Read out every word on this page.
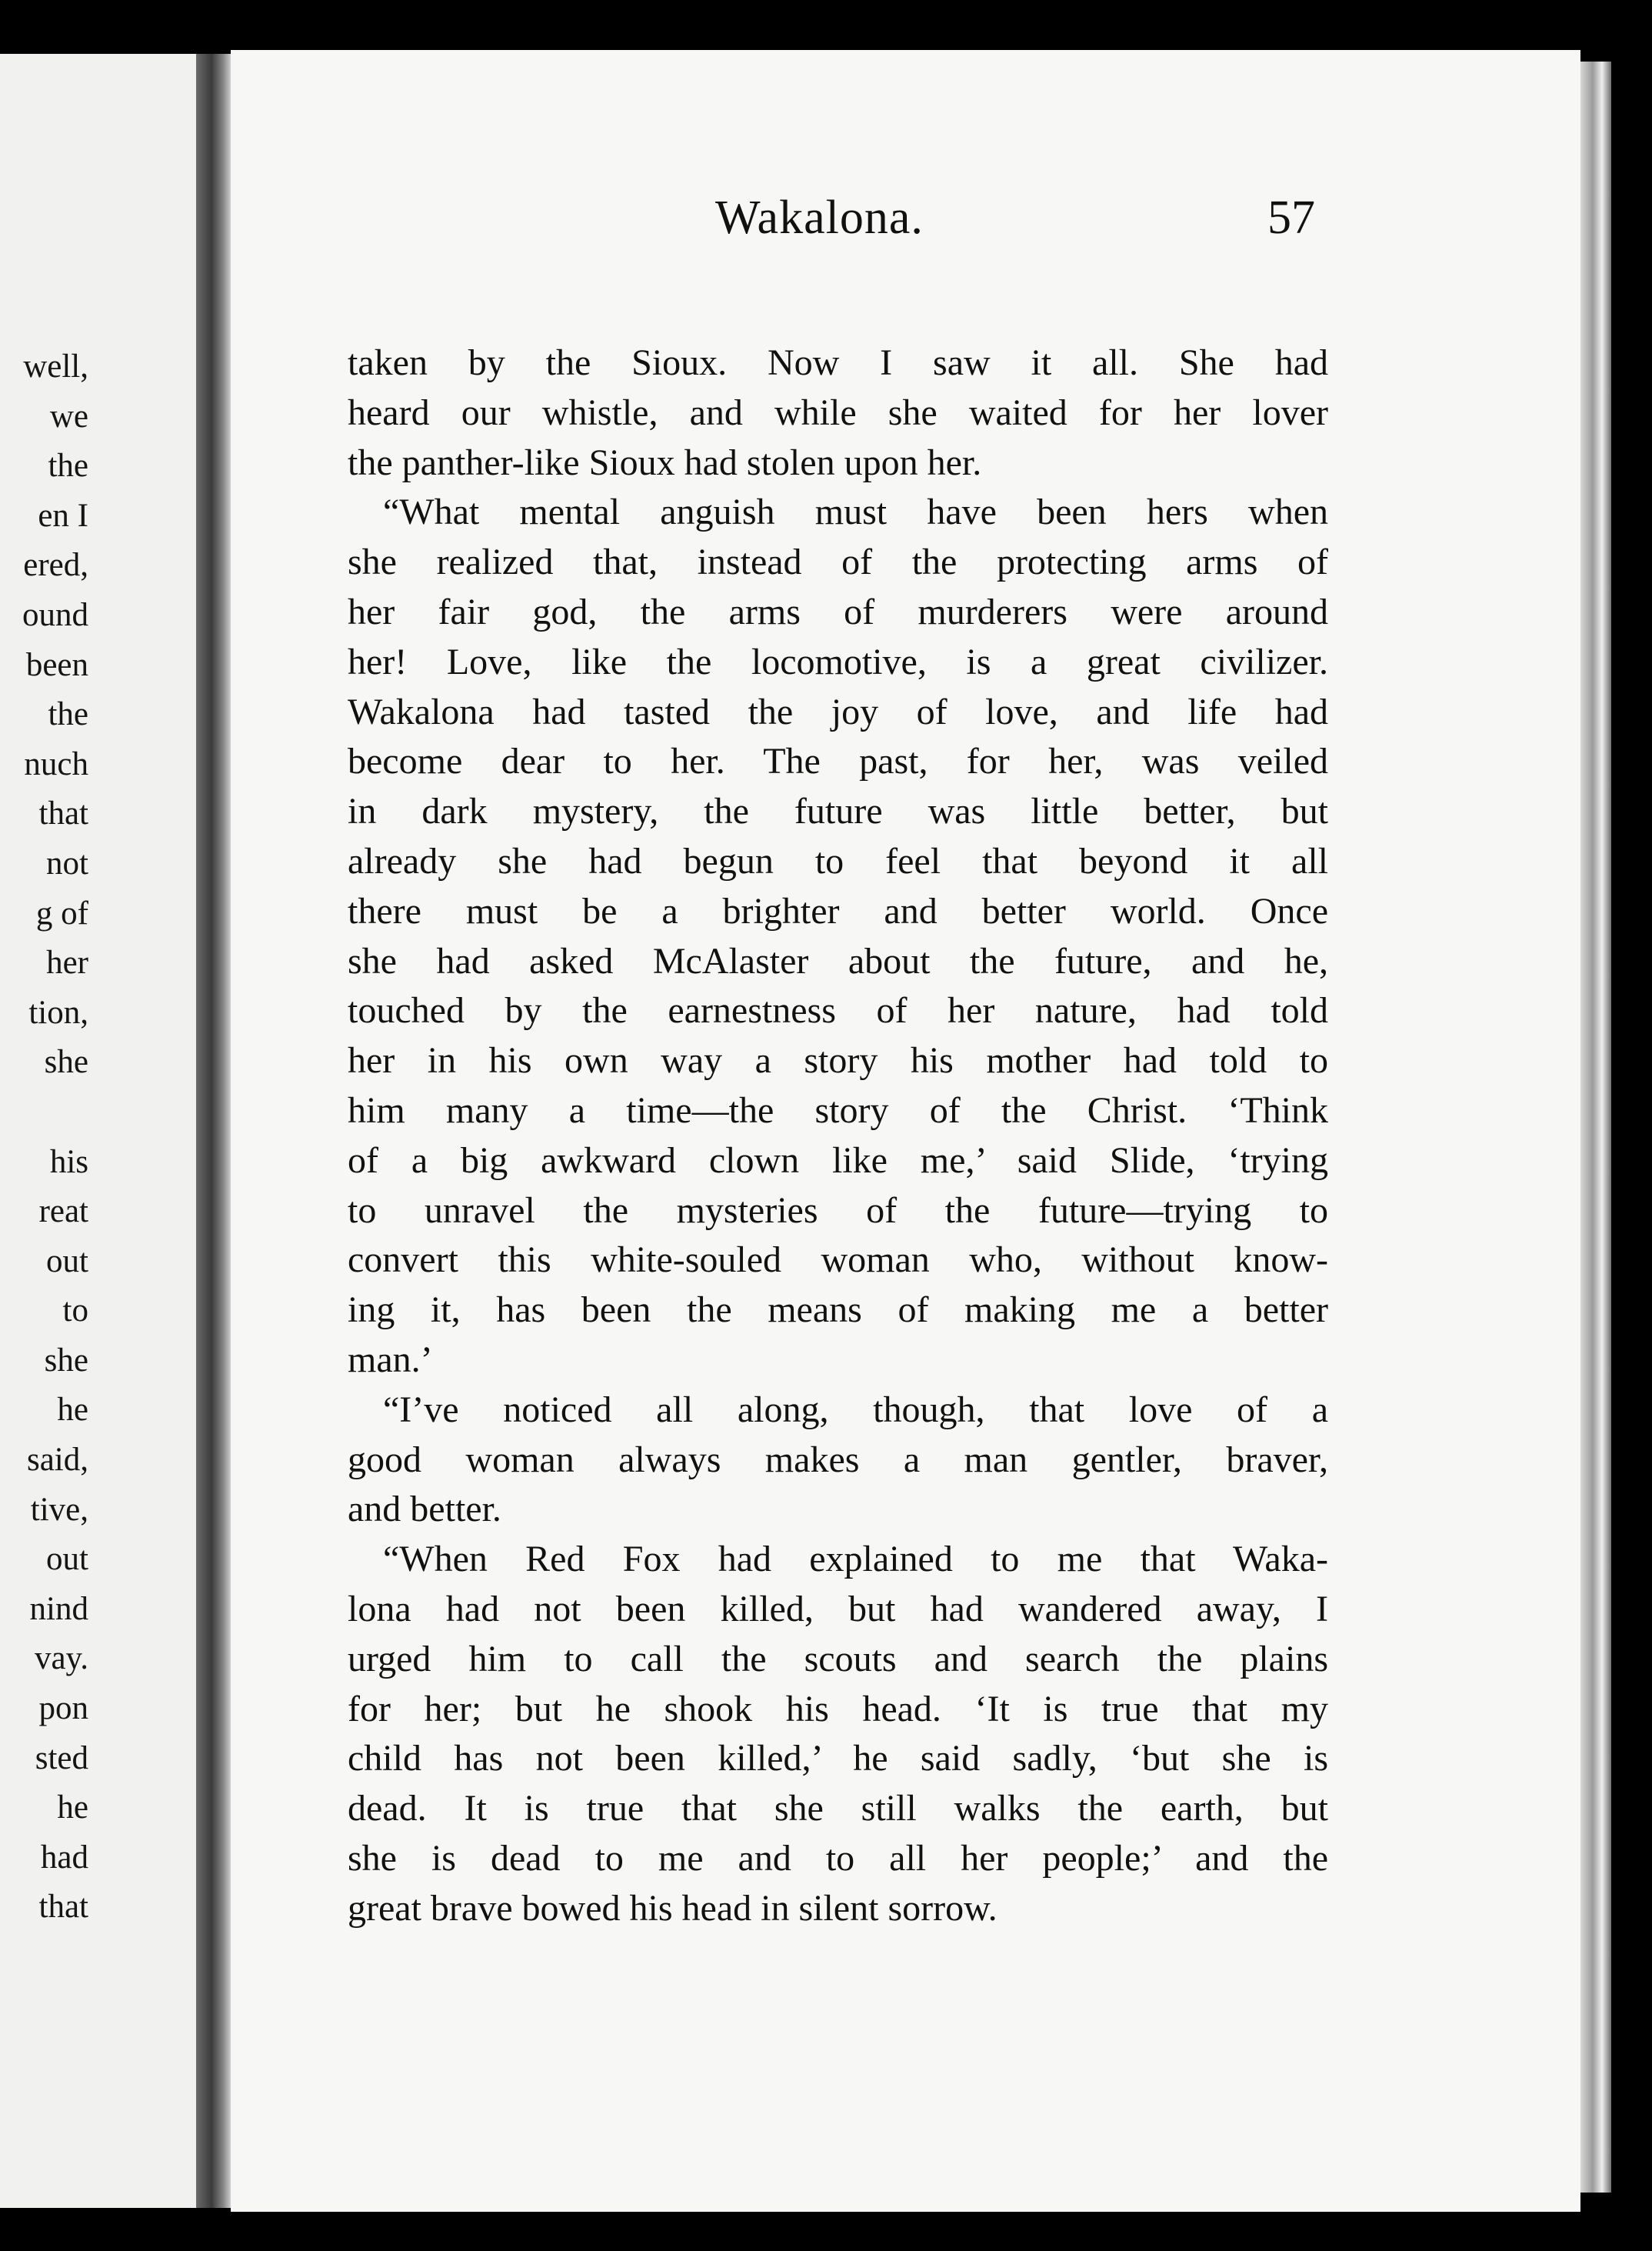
well,
we
the
en I
ered,
ound
been
the
nuch
that
not
g of
her
tion,
she
his
reat
out
to
she
he
said,
tive,
out
nind
vay.
pon
sted
he
had
that
Wakalona.	57
taken by the Sioux. Now I saw it all. She had
heard our whistle, and while she waited for her lover
the panther-like Sioux had stolen upon her.
“What mental anguish must have been hers when
she realized that, instead of the protecting arms of
her fair god, the arms of murderers were around
her! Love, like the locomotive, is a great civilizer.
Wakalona had tasted the joy of love, and life had
become dear to her. The past, for her, was veiled
in dark mystery, the future was little better, but
already she had begun to feel that beyond it all
there must be a brighter and better world. Once
she had asked McAlaster about the future, and he,
touched by the earnestness of her nature, had told
her in his own way a story his mother had told to
him many a time—the story of the Christ. ‘Think
of a big awkward clown like me,’ said Slide, ‘trying
to unravel the mysteries of the future—trying to
convert this white-souled woman who, without know-
ing it, has been the means of making me a better
man.’
“I’ve noticed all along, though, that love of a
good woman always makes a man gentler, braver,
and better.
“When Red Fox had explained to me that Waka-
lona had not been killed, but had wandered away, I
urged him to call the scouts and search the plains
for her; but he shook his head. ‘It is true that my
child has not been killed,’ he said sadly, ‘but she is
dead. It is true that she still walks the earth, but
she is dead to me and to all her people;’ and the
great brave bowed his head in silent sorrow.
